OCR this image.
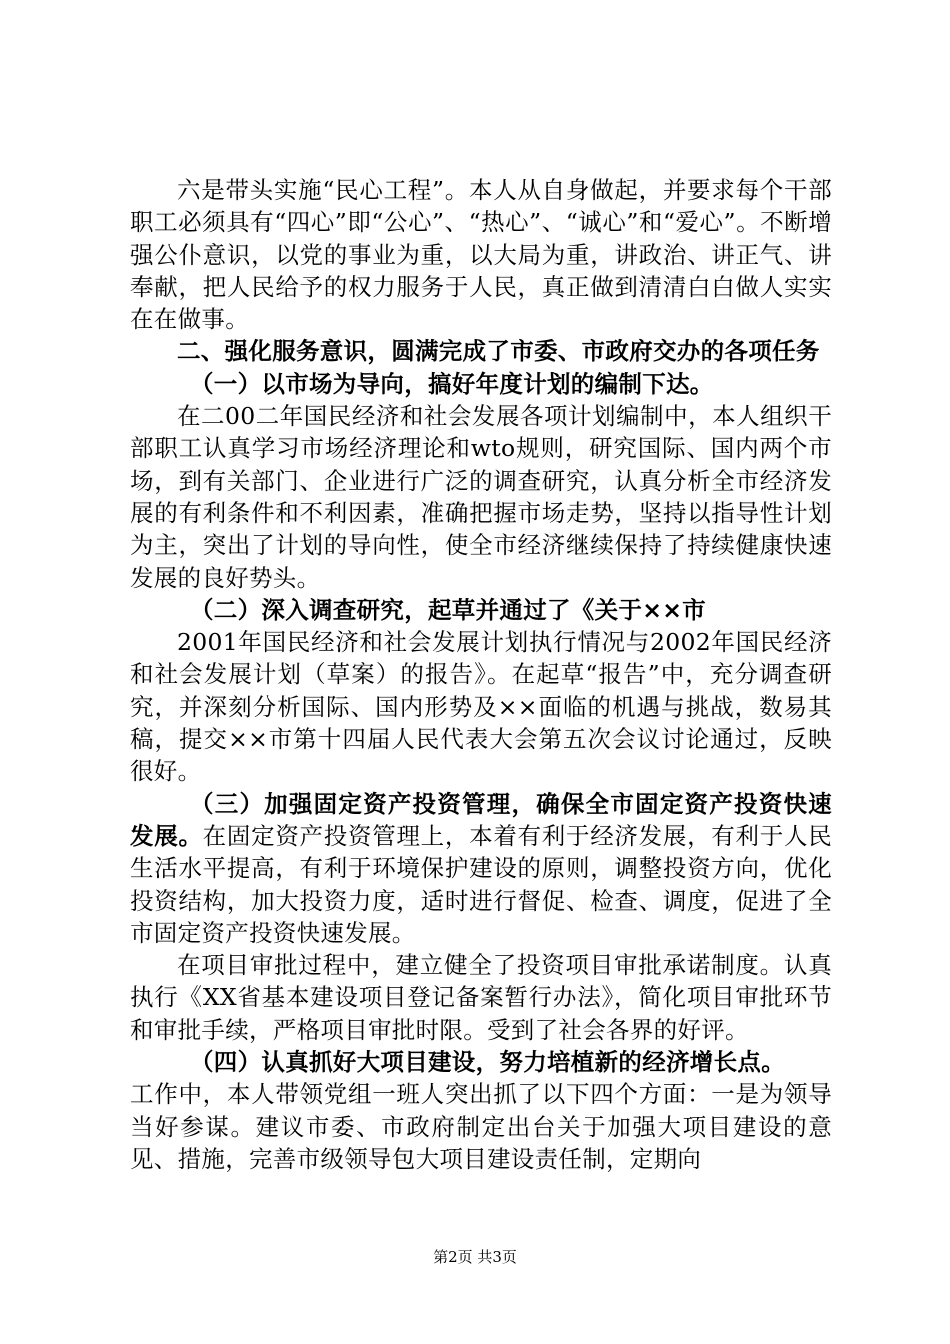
六是带头实施“民心工程”。本人从自身做起，并要求每个干部职工必须具有“四心”即“公心”、“热心”、“诚心”和“爱心”。不断增强公仆意识，以党的事业为重，以大局为重，讲政治、讲正气、讲奉献，把人民给予的权力服务于人民，真正做到清清白白做人实实在在做事。

二、强化服务意识，圆满完成了市委、市政府交办的各项任务

（一）以市场为导向，搞好年度计划的编制下达。

在二00二年国民经济和社会发展各项计划编制中，本人组织干部职工认真学习市场经济理论和wto规则，研究国际、国内两个市场，到有关部门、企业进行广泛的调查研究，认真分析全市经济发展的有利条件和不利因素，准确把握市场走势，坚持以指导性计划为主，突出了计划的导向性，使全市经济继续保持了持续健康快速发展的良好势头。

（二）深入调查研究，起草并通过了《关于××市

2001年国民经济和社会发展计划执行情况与2002年国民经济和社会发展计划（草案）的报告》。在起草“报告”中，充分调查研究，并深刻分析国际、国内形势及××面临的机遇与挑战，数易其稿，提交××市第十四届人民代表大会第五次会议讨论通过，反映很好。

（三）加强固定资产投资管理，确保全市固定资产投资快速发展。在固定资产投资管理上，本着有利于经济发展，有利于人民生活水平提高，有利于环境保护建设的原则，调整投资方向，优化投资结构，加大投资力度，适时进行督促、检查、调度，促进了全市固定资产投资快速发展。

在项目审批过程中，建立健全了投资项目审批承诺制度。认真执行《XX省基本建设项目登记备案暂行办法》，简化项目审批环节和审批手续，严格项目审批时限。受到了社会各界的好评。

（四）认真抓好大项目建设，努力培植新的经济增长点。

工作中，本人带领党组一班人突出抓了以下四个方面：一是为领导当好参谋。建议市委、市政府制定出台关于加强大项目建设的意见、措施，完善市级领导包大项目建设责任制，定期向

第2页 共3页
